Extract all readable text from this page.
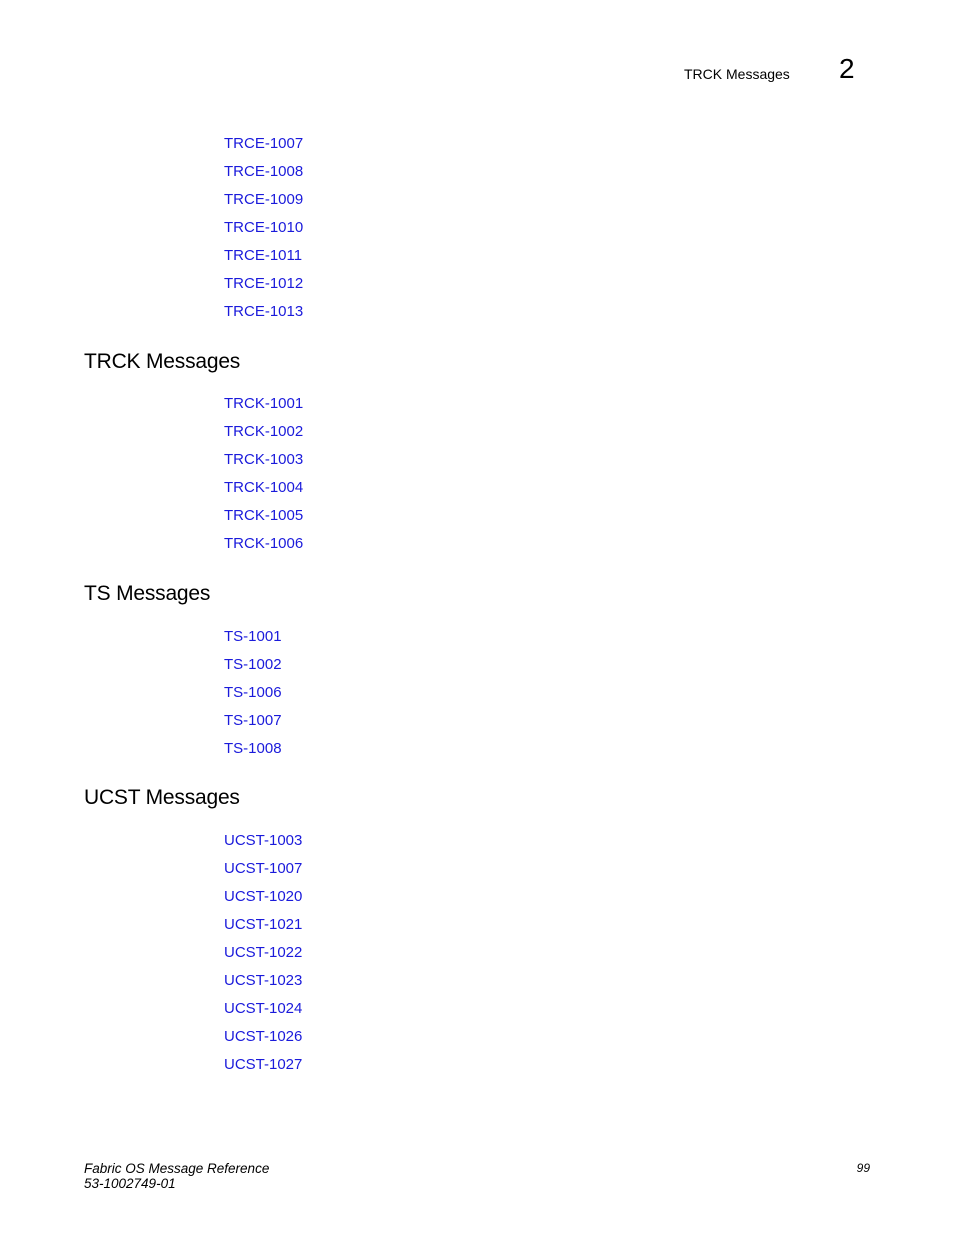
TRCK Messages 2
TRCE-1007
TRCE-1008
TRCE-1009
TRCE-1010
TRCE-1011
TRCE-1012
TRCE-1013
TRCK Messages
TRCK-1001
TRCK-1002
TRCK-1003
TRCK-1004
TRCK-1005
TRCK-1006
TS Messages
TS-1001
TS-1002
TS-1006
TS-1007
TS-1008
UCST Messages
UCST-1003
UCST-1007
UCST-1020
UCST-1021
UCST-1022
UCST-1023
UCST-1024
UCST-1026
UCST-1027
Fabric OS Message Reference
53-1002749-01
99
